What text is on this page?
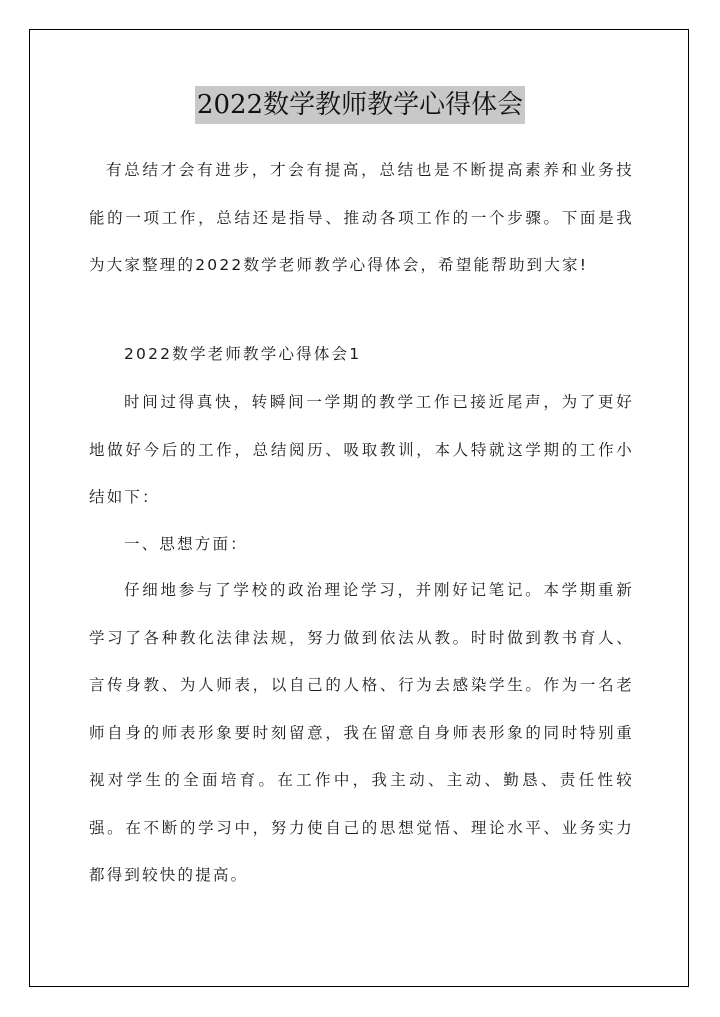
2022数学教师教学心得体会

有总结才会有进步，才会有提高，总结也是不断提高素养和业务技能的一项工作，总结还是指导、推动各项工作的一个步骤。下面是我为大家整理的2022数学老师教学心得体会，希望能帮助到大家!

2022数学老师教学心得体会1

时间过得真快，转瞬间一学期的教学工作已接近尾声，为了更好地做好今后的工作，总结阅历、吸取教训，本人特就这学期的工作小结如下：

一、思想方面：

仔细地参与了学校的政治理论学习，并刚好记笔记。本学期重新学习了各种教化法律法规，努力做到依法从教。时时做到教书育人、言传身教、为人师表，以自己的人格、行为去感染学生。作为一名老师自身的师表形象要时刻留意，我在留意自身师表形象的同时特别重视对学生的全面培育。在工作中，我主动、主动、勤恳、责任性较强。在不断的学习中，努力使自己的思想觉悟、理论水平、业务实力都得到较快的提高。
